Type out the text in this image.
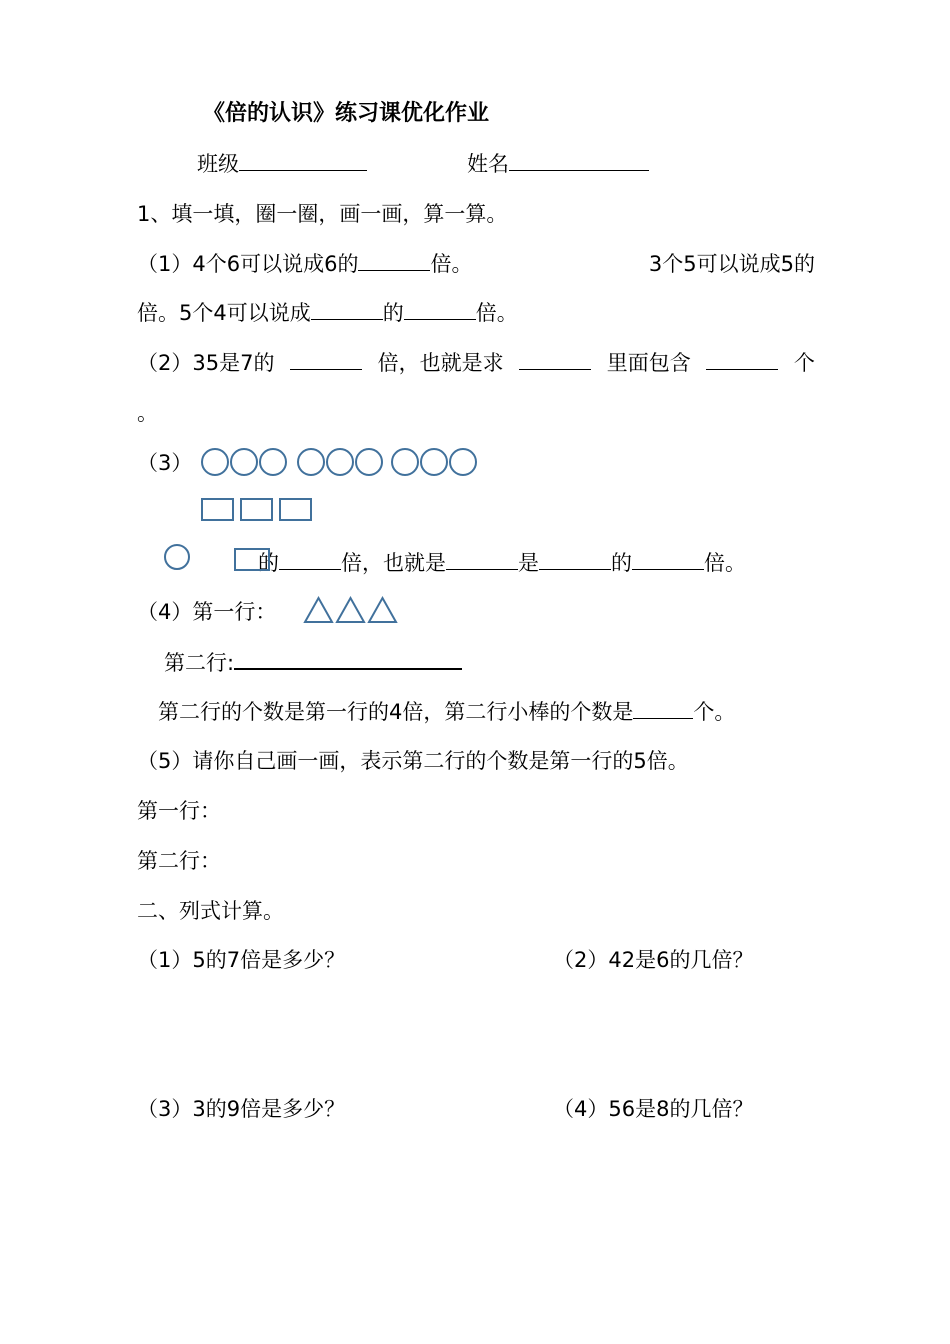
《倍的认识》练习课优化作业
班级	姓名
1、填一填，圈一圈，画一画，算一算。
（1）4个6可以说成6的	倍。	3个5可以说成5的
倍。5个4可以说成	的	倍。
（2）35是7的	倍，也就是求	里面包含	个
。
（3）
的	倍，也就是	是	的	倍。
（4）第一行：
第二行:
第二行的个数是第一行的4倍，第二行小棒的个数是	个。
（5）请你自己画一画，表示第二行的个数是第一行的5倍。
第一行：
第二行：
二、列式计算。
（1）5的7倍是多少？	（2）42是6的几倍？
（3）3的9倍是多少？	（4）56是8的几倍？
